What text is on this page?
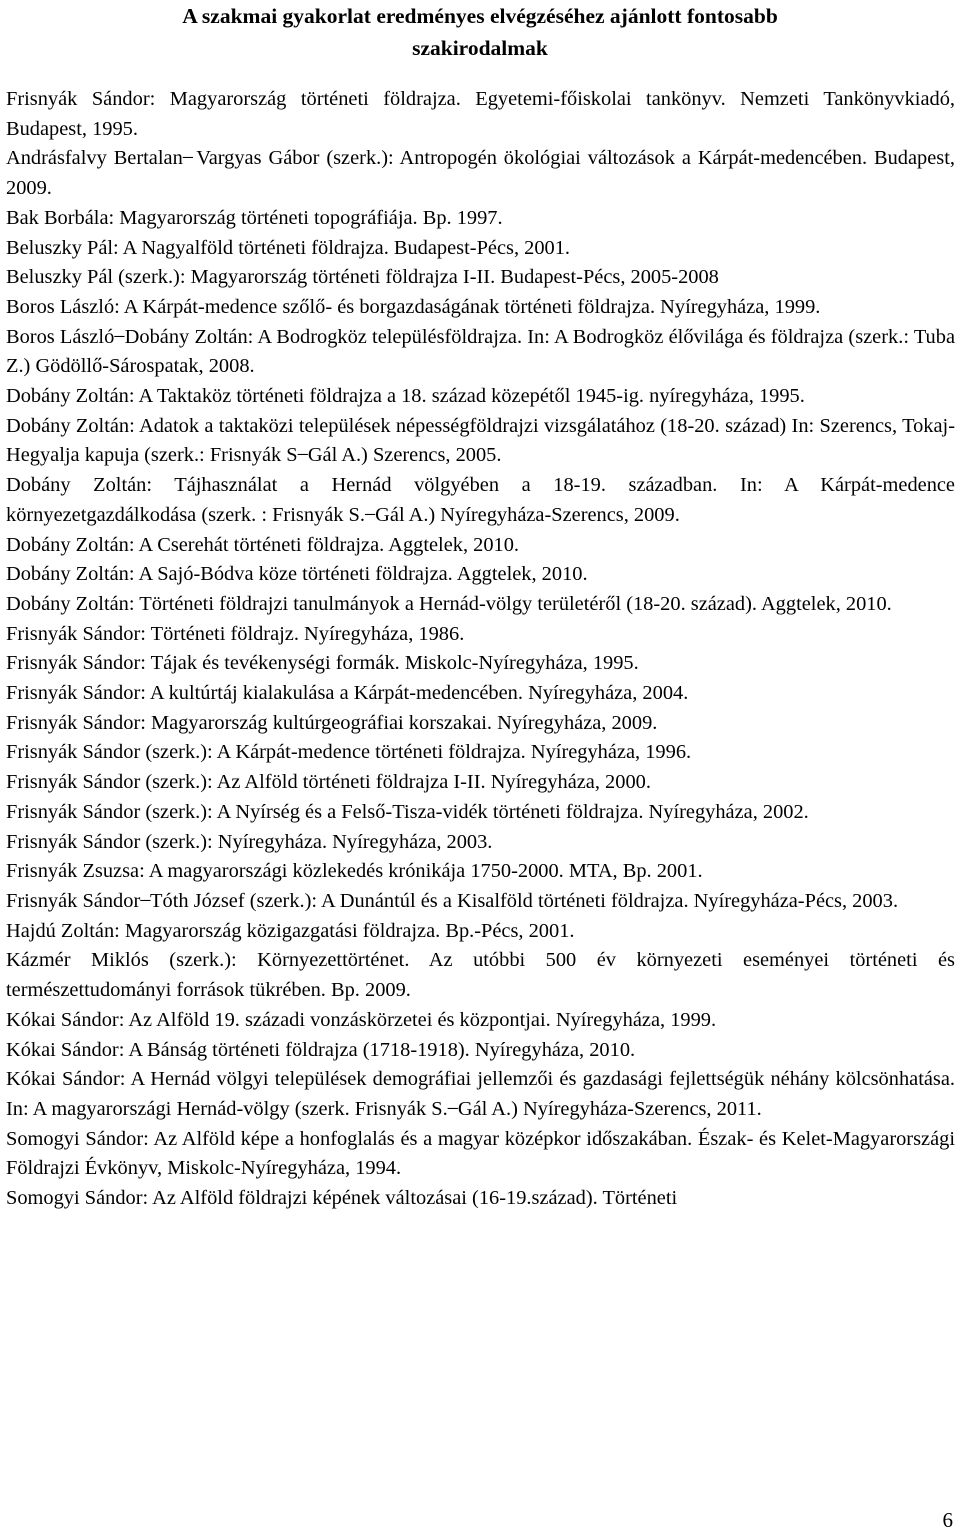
A szakmai gyakorlat eredményes elvégzéséhez ajánlott fontosabb
szakirodalmak

Frisnyák Sándor: Magyarország történeti földrajza. Egyetemi-főiskolai tankönyv. Nemzeti Tankönyvkiadó, Budapest, 1995.

Andrásfalvy Bertalan ̶ Vargyas Gábor (szerk.): Antropogén ökológiai változások a Kárpát-medencében. Budapest, 2009.

Bak Borbála: Magyarország történeti topográfiája. Bp. 1997.

Beluszky Pál: A Nagyalföld történeti földrajza. Budapest-Pécs, 2001.

Beluszky Pál (szerk.): Magyarország történeti földrajza I-II. Budapest-Pécs, 2005-2008

Boros László: A Kárpát-medence szőlő- és borgazdaságának történeti földrajza. Nyíregyháza, 1999.

Boros László ̶ Dobány Zoltán: A Bodrogköz településföldrajza. In: A Bodrogköz élővilága és földrajza (szerk.: Tuba Z.) Gödöllő-Sárospatak, 2008.

Dobány Zoltán: A Taktaköz történeti földrajza a 18. század közepétől 1945-ig. nyíregyháza, 1995.

Dobány Zoltán: Adatok a taktaközi települések népességföldrajzi vizsgálatához (18-20. század) In: Szerencs, Tokaj-Hegyalja kapuja (szerk.: Frisnyák S ̶ Gál A.) Szerencs, 2005.

Dobány Zoltán: Tájhasználat a Hernád völgyében a 18-19. században. In: A Kárpát-medence környezetgazdálkodása (szerk. : Frisnyák S. ̶ Gál A.) Nyíregyháza-Szerencs, 2009.

Dobány Zoltán: A Cserehát történeti földrajza. Aggtelek, 2010.

Dobány Zoltán: A Sajó-Bódva köze történeti földrajza. Aggtelek, 2010.

Dobány Zoltán: Történeti földrajzi tanulmányok a Hernád-völgy területéről (18-20. század). Aggtelek, 2010.

Frisnyák Sándor: Történeti földrajz. Nyíregyháza, 1986.

Frisnyák Sándor: Tájak és tevékenységi formák. Miskolc-Nyíregyháza, 1995.

Frisnyák Sándor: A kultúrtáj kialakulása a Kárpát-medencében. Nyíregyháza, 2004.

Frisnyák Sándor: Magyarország kultúrgeográfiai korszakai. Nyíregyháza, 2009.

Frisnyák Sándor (szerk.): A Kárpát-medence történeti földrajza. Nyíregyháza, 1996.

Frisnyák Sándor (szerk.): Az Alföld történeti földrajza I-II. Nyíregyháza, 2000.

Frisnyák Sándor (szerk.): A Nyírség és a Felső-Tisza-vidék történeti földrajza. Nyíregyháza, 2002.

Frisnyák Sándor (szerk.): Nyíregyháza. Nyíregyháza, 2003.

Frisnyák Zsuzsa: A magyarországi közlekedés krónikája 1750-2000. MTA, Bp. 2001.

Frisnyák Sándor ̶ Tóth József (szerk.): A Dunántúl és a Kisalföld történeti földrajza. Nyíregyháza-Pécs, 2003.

Hajdú Zoltán: Magyarország közigazgatási földrajza. Bp.-Pécs, 2001.

Kázmér Miklós (szerk.): Környezettörténet. Az utóbbi 500 év környezeti eseményei történeti és természettudományi források tükrében. Bp. 2009.

Kókai Sándor: Az Alföld 19. századi vonzáskörzetei és központjai. Nyíregyháza, 1999.

Kókai Sándor: A Bánság történeti földrajza (1718-1918). Nyíregyháza, 2010.

Kókai Sándor: A Hernád völgyi települések demográfiai jellemzői és gazdasági fejlettségük néhány kölcsönhatása. In: A magyarországi Hernád-völgy (szerk. Frisnyák S. ̶ Gál A.) Nyíregyháza-Szerencs, 2011.

Somogyi Sándor: Az Alföld képe a honfoglalás és a magyar középkor időszakában. Észak- és Kelet-Magyarországi Földrajzi Évkönyv, Miskolc-Nyíregyháza, 1994.

Somogyi Sándor: Az Alföld földrajzi képének változásai (16-19.század). Történeti

6
